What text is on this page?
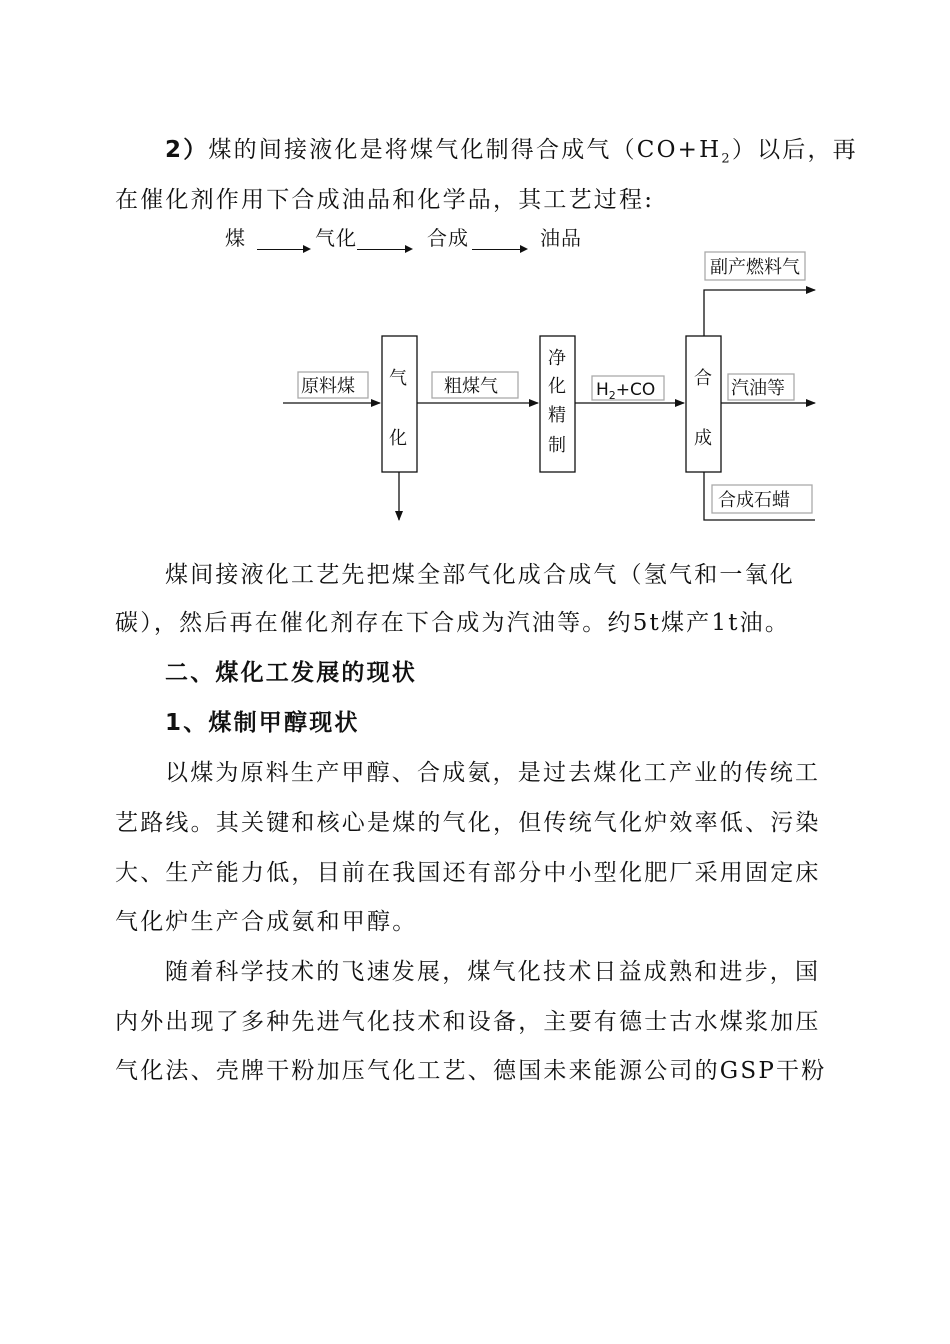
2）煤的间接液化是将煤气化制得合成气$(CO+H_2)$以后，再

在催化剂作用下合成油品和化学品，其工艺过程:

煤	气化	合成	油品
原料煤 气
化
粗煤气
净
化
精
制
$H_2+CO$
合
成
汽油等
副产燃料气
合成石蜡

煤间接液化工艺先把煤全部气化成合成气（氢气和一氧化

碳），然后再在催化剂存在下合成为汽油等。约5t煤产1t油。

二、煤化工发展的现状

1、煤制甲醇现状

以煤为原料生产甲醇、合成氨，是过去煤化工产业的传统工

艺路线。其关键和核心是煤的气化，但传统气化炉效率低、污染

大、生产能力低，目前在我国还有部分中小型化肥厂采用固定床

气化炉生产合成氨和甲醇。

随着科学技术的飞速发展，煤气化技术日益成熟和进步，国

内外出现了多种先进气化技术和设备，主要有德士古水煤浆加压

气化法、壳牌干粉加压气化工艺、德国未来能源公司的GSP干粉
